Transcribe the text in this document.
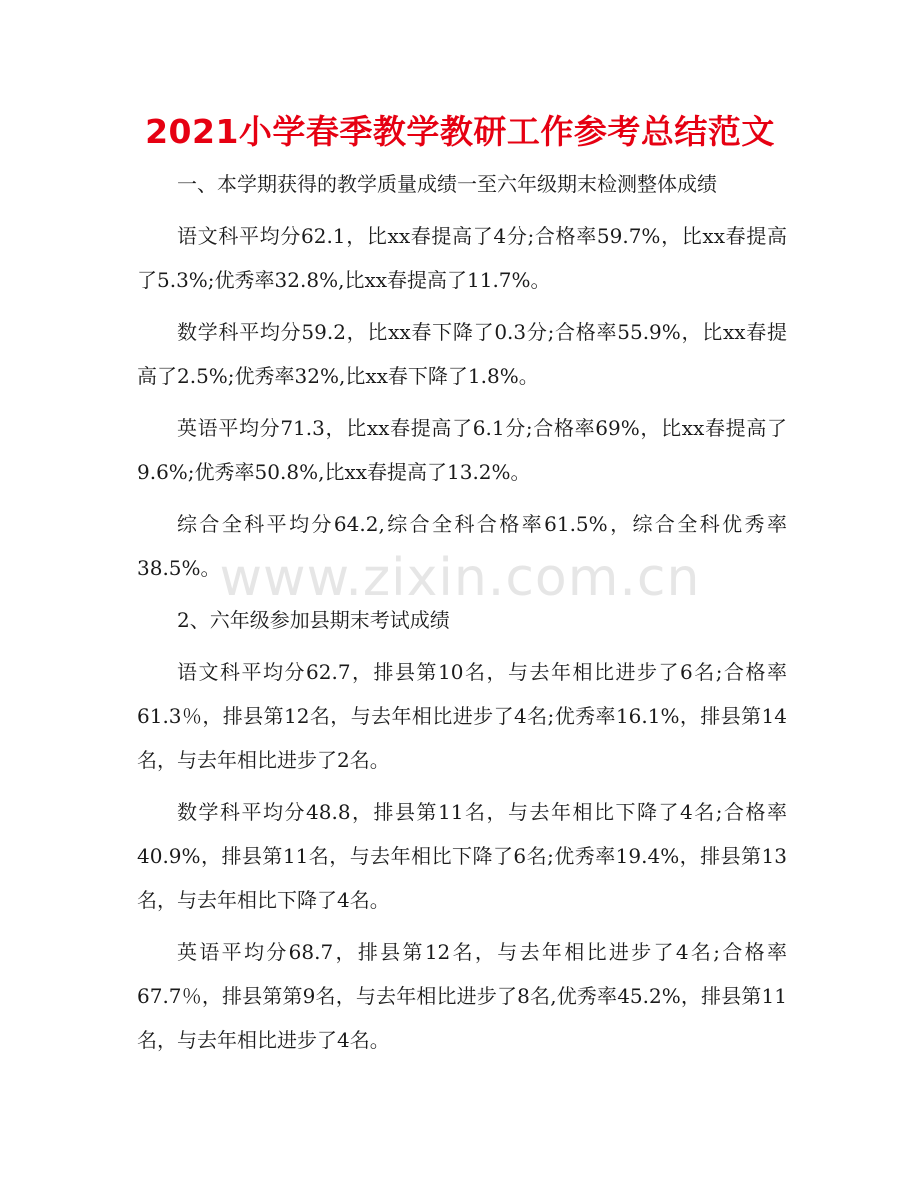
2021小学春季教学教研工作参考总结范文

一、本学期获得的教学质量成绩一至六年级期末检测整体成绩

语文科平均分62.1，比xx春提高了4分;合格率59.7%，比xx春提高了5.3%;优秀率32.8%,比xx春提高了11.7%。

数学科平均分59.2，比xx春下降了0.3分;合格率55.9%，比xx春提高了2.5%;优秀率32%,比xx春下降了1.8%。

英语平均分71.3，比xx春提高了6.1分;合格率69%，比xx春提高了9.6%;优秀率50.8%,比xx春提高了13.2%。

综合全科平均分64.2,综合全科合格率61.5%，综合全科优秀率38.5%。

2、六年级参加县期末考试成绩

语文科平均分62.7，排县第10名，与去年相比进步了6名;合格率61.3％，排县第12名，与去年相比进步了4名;优秀率16.1%，排县第14名，与去年相比进步了2名。

数学科平均分48.8，排县第11名，与去年相比下降了4名;合格率40.9%，排县第11名，与去年相比下降了6名;优秀率19.4%，排县第13名，与去年相比下降了4名。

英语平均分68.7，排县第12名，与去年相比进步了4名;合格率67.7％，排县第第9名，与去年相比进步了8名,优秀率45.2%，排县第11名，与去年相比进步了4名。

www.zixin.com.cn
